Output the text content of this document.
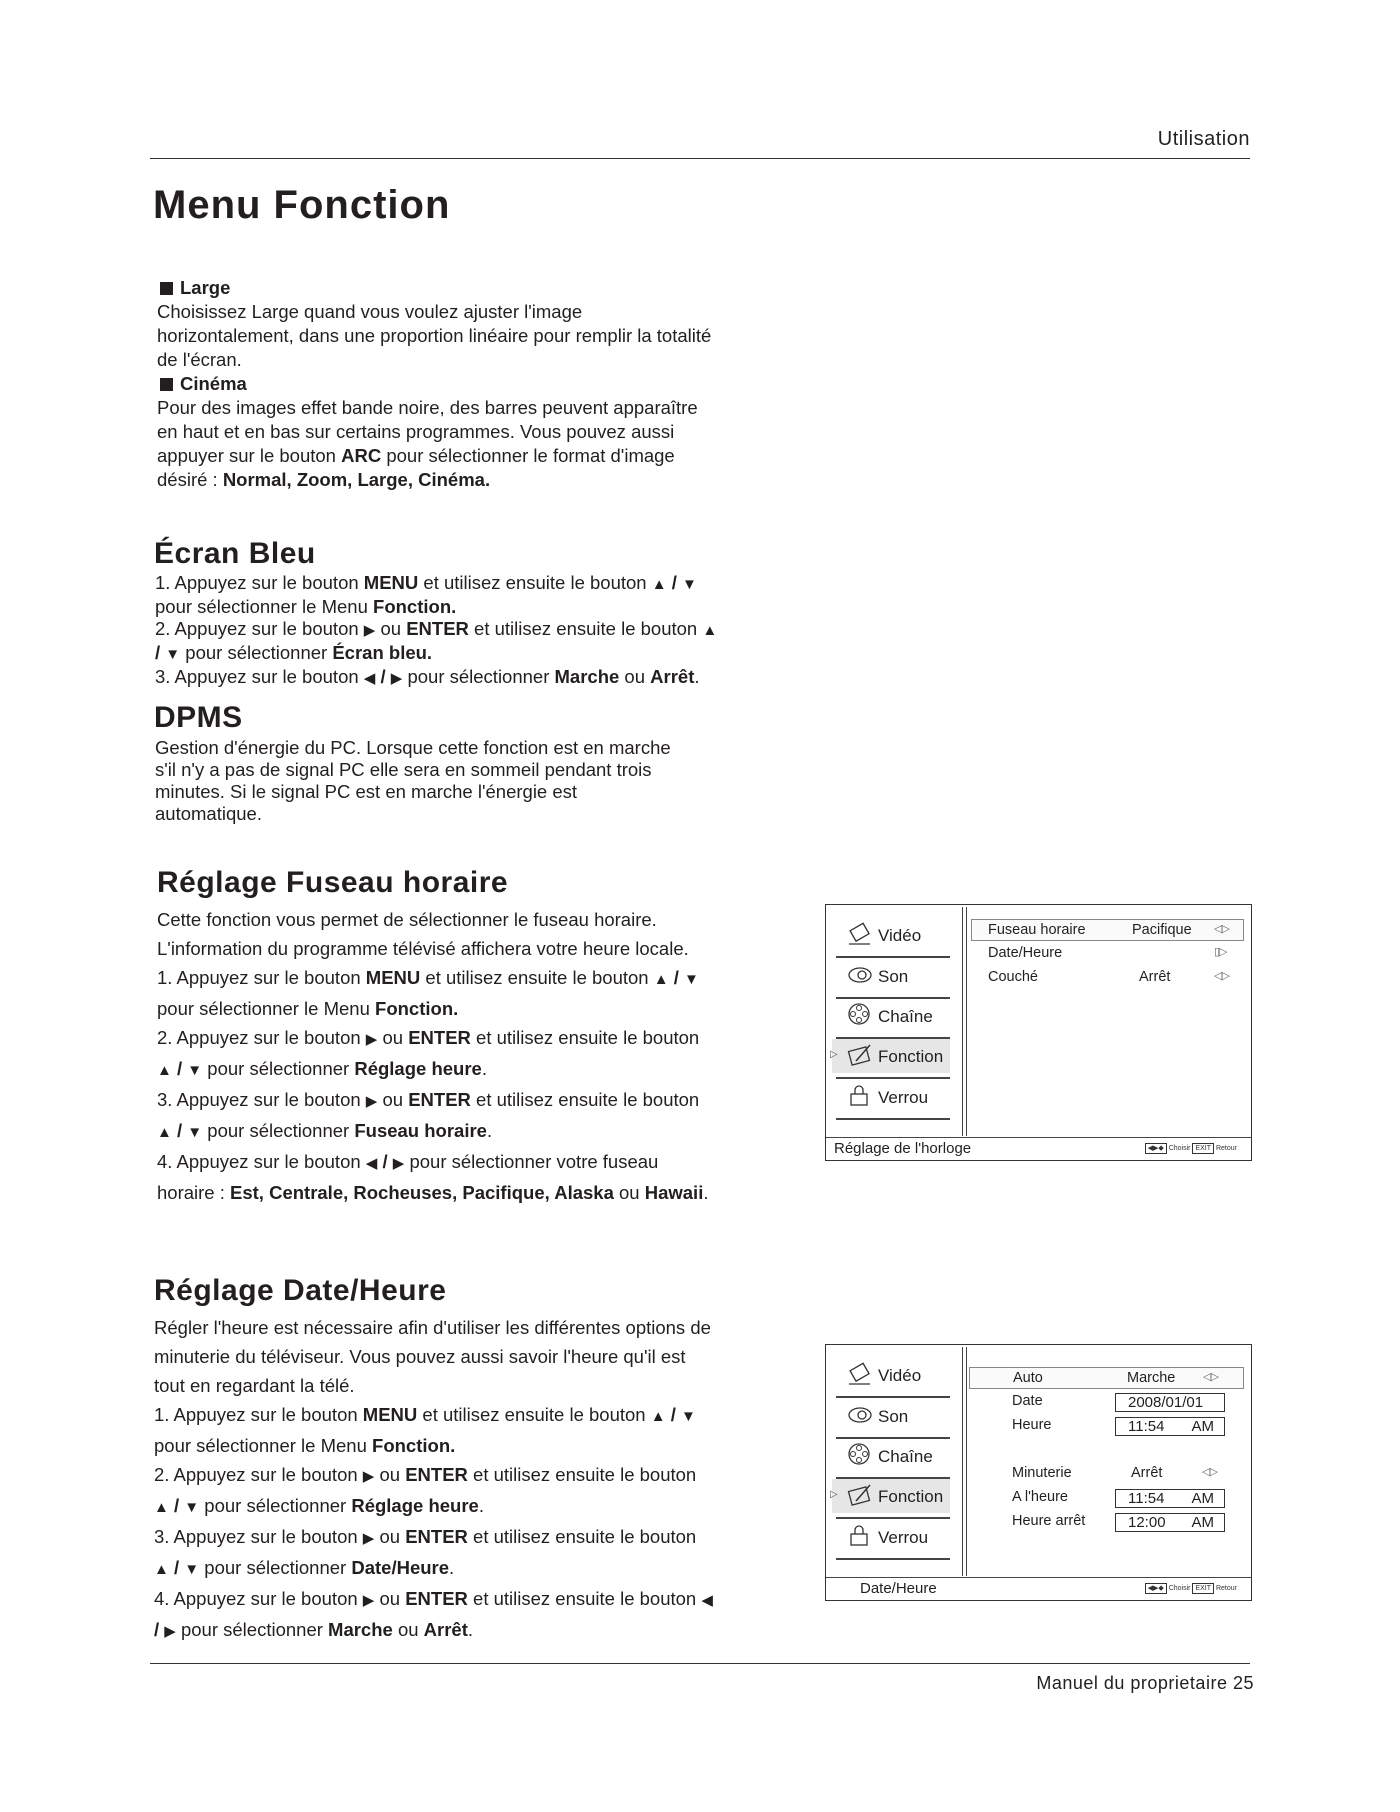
Utilisation
Menu Fonction

Large

Choisissez Large quand vous voulez ajuster l'image horizontalement, dans une proportion linéaire pour remplir la totalité de l'écran.

Cinéma

Pour des images effet bande noire, des barres peuvent apparaître en haut et en bas sur certains programmes. Vous pouvez aussi appuyer sur le bouton ARC pour sélectionner le format d'image désiré : Normal, Zoom, Large, Cinéma.

Écran Bleu

1. Appuyez sur le bouton MENU et utilisez ensuite le bouton ▲ / ▼ pour sélectionner le Menu Fonction.

2. Appuyez sur le bouton ▶ ou ENTER et utilisez ensuite le bouton ▲ / ▼ pour sélectionner Écran bleu.

3. Appuyez sur le bouton ◀ / ▶ pour sélectionner Marche ou Arrêt.

DPMS
Gestion d'énergie du PC. Lorsque cette fonction est en marche s'il n'y a pas de signal PC elle sera en sommeil pendant trois minutes. Si le signal PC est en marche l'énergie est automatique.
Réglage Fuseau horaire

Cette fonction vous permet de sélectionner le fuseau horaire. L'information du programme télévisé affichera votre heure locale.

1. Appuyez sur le bouton MENU et utilisez ensuite le bouton ▲ / ▼ pour sélectionner le Menu Fonction.

2. Appuyez sur le bouton ▶ ou ENTER et utilisez ensuite le bouton ▲ / ▼ pour sélectionner Réglage heure.

3. Appuyez sur le bouton ▶ ou ENTER et utilisez ensuite le bouton ▲ / ▼ pour sélectionner Fuseau horaire.

4. Appuyez sur le bouton ◀ / ▶ pour sélectionner votre fuseau horaire : Est, Centrale, Rocheuses, Pacifique, Alaska ou Hawaii.

Réglage Date/Heure

Régler l'heure est nécessaire afin d'utiliser les différentes options de minuterie du téléviseur. Vous pouvez aussi savoir l'heure qu'il est tout en regardant la télé.

1. Appuyez sur le bouton MENU et utilisez ensuite le bouton ▲ / ▼ pour sélectionner le Menu Fonction.

2. Appuyez sur le bouton ▶ ou ENTER et utilisez ensuite le bouton ▲ / ▼ pour sélectionner Réglage heure.

3. Appuyez sur le bouton ▶ ou ENTER et utilisez ensuite le bouton ▲ / ▼ pour sélectionner Date/Heure.

4. Appuyez sur le bouton ▶ ou ENTER et utilisez ensuite le bouton ◀ / ▶ pour sélectionner Marche ou Arrêt.

Vidéo
Son
Chaîne
▷ Fonction
Verrou
Fuseau horaire	Pacifique ◁▷
Date/Heure	▯▷
Couché	Arrêt	◁▷
Réglage de l'horloge	◀▶◆ Choisir EXIT Retour
Vidéo
Son
Chaîne
▷ Fonction
Verrou
Auto	Marche	◁▷
Date	2008/01/01
Heure	11:54 AM
Minuterie	Arrêt	◁▷
A l'heure	11:54 AM
Heure arrêt	12:00 AM
Date/Heure	◀▶◆ Choisir EXIT Retour
Manuel du proprietaire 25
